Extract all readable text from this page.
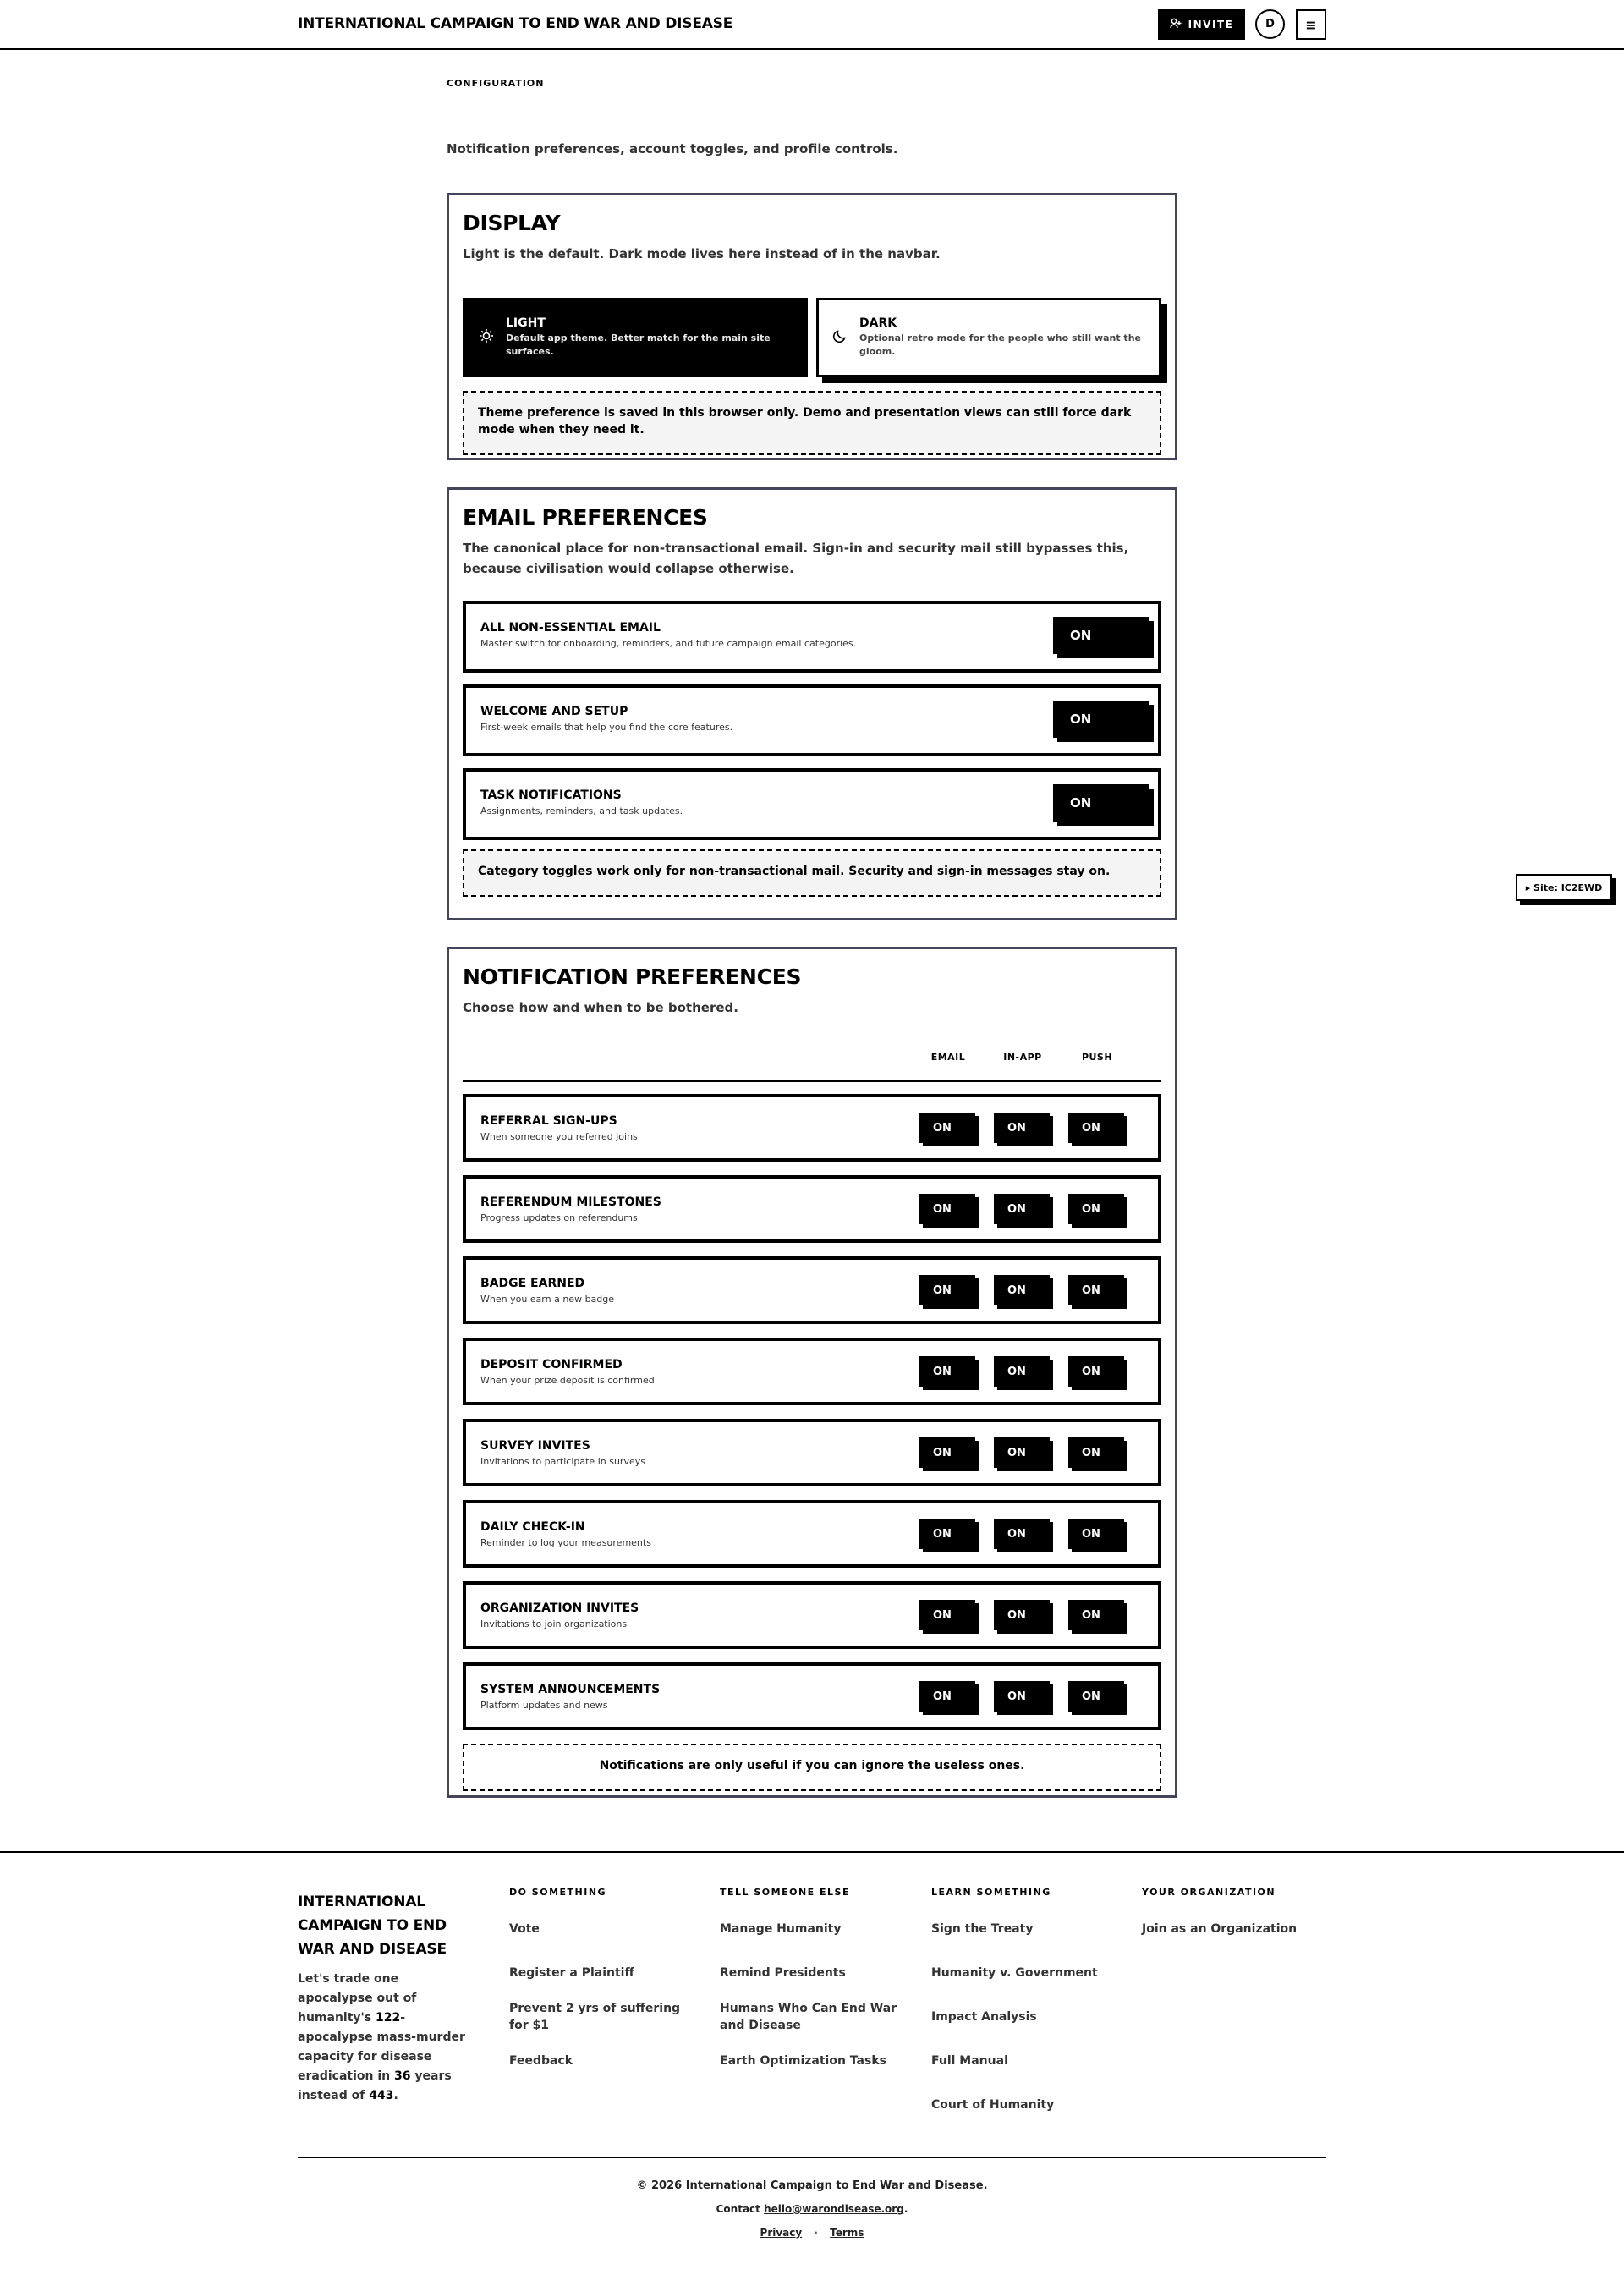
INTERNATIONAL CAMPAIGN TO END WAR AND DISEASE	INVITE	D	≡
CONFIGURATION
Notification preferences, account toggles, and profile controls.
DISPLAY
Light is the default. Dark mode lives here instead of in the navbar.
LIGHT
Default app theme. Better match for the main site surfaces.
DARK
Optional retro mode for the people who still want the gloom.
Theme preference is saved in this browser only. Demo and presentation views can still force dark mode when they need it.
EMAIL PREFERENCES
The canonical place for non-transactional email. Sign-in and security mail still bypasses this, because civilisation would collapse otherwise.
ALL NON-ESSENTIAL EMAIL
Master switch for onboarding, reminders, and future campaign email categories.
ON
WELCOME AND SETUP
First-week emails that help you find the core features.
ON
TASK NOTIFICATIONS
Assignments, reminders, and task updates.
ON
Category toggles work only for non-transactional mail. Security and sign-in messages stay on.
NOTIFICATION PREFERENCES
Choose how and when to be bothered.
EMAIL	IN-APP	PUSH
REFERRAL SIGN-UPS
When someone you referred joins
ON	ON	ON
REFERENDUM MILESTONES
Progress updates on referendums
ON	ON	ON
BADGE EARNED
When you earn a new badge
ON	ON	ON
DEPOSIT CONFIRMED
When your prize deposit is confirmed
ON	ON	ON
SURVEY INVITES
Invitations to participate in surveys
ON	ON	ON
DAILY CHECK-IN
Reminder to log your measurements
ON	ON	ON
ORGANIZATION INVITES
Invitations to join organizations
ON	ON	ON
SYSTEM ANNOUNCEMENTS
Platform updates and news
ON	ON	ON
Notifications are only useful if you can ignore the useless ones.
▸ Site: IC2EWD
INTERNATIONAL CAMPAIGN TO END WAR AND DISEASE
Let's trade one apocalypse out of humanity's 122-apocalypse mass-murder capacity for disease eradication in 36 years instead of 443.
DO SOMETHING
Vote
Register a Plaintiff
Prevent 2 yrs of suffering for $1
Feedback
TELL SOMEONE ELSE
Manage Humanity
Remind Presidents
Humans Who Can End War and Disease
Earth Optimization Tasks
LEARN SOMETHING
Sign the Treaty
Humanity v. Government
Impact Analysis
Full Manual
Court of Humanity
YOUR ORGANIZATION
Join as an Organization
© 2026 International Campaign to End War and Disease.
Contact hello@warondisease.org.
Privacy · Terms
